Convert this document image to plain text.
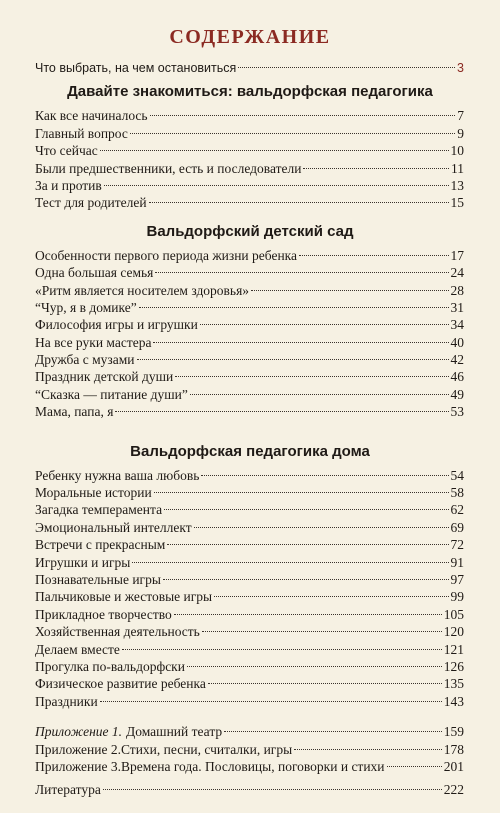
СОДЕРЖАНИЕ
Что выбрать, на чем остановиться	3
Давайте знакомиться: вальдорфская педагогика
Как все начиналось	7
Главный вопрос	9
Что сейчас	10
Были предшественники, есть и последователи	11
За и против	13
Тест для родителей	15
Вальдорфский детский сад
Особенности первого периода жизни ребенка	17
Одна большая семья	24
«Ритм является носителем здоровья»	28
“Чур, я в домике”	31
Философия игры и игрушки	34
На все руки мастера	40
Дружба с музами	42
Праздник детской души	46
“Сказка — питание души”	49
Мама, папа, я	53
Вальдорфская педагогика дома
Ребенку нужна ваша любовь	54
Моральные истории	58
Загадка темперамента	62
Эмоциональный интеллект	69
Встречи с прекрасным	72
Игрушки и игры	91
Познавательные игры	97
Пальчиковые и жестовые игры	99
Прикладное творчество	105
Хозяйственная деятельность	120
Делаем вместе	121
Прогулка по-вальдорфски	126
Физическое развитие ребенка	135
Праздники	143
Приложение 1. Домашний театр	159
Приложение 2. Стихи, песни, считалки, игры	178
Приложение 3. Времена года. Пословицы, поговорки и стихи	201
Литература	222
